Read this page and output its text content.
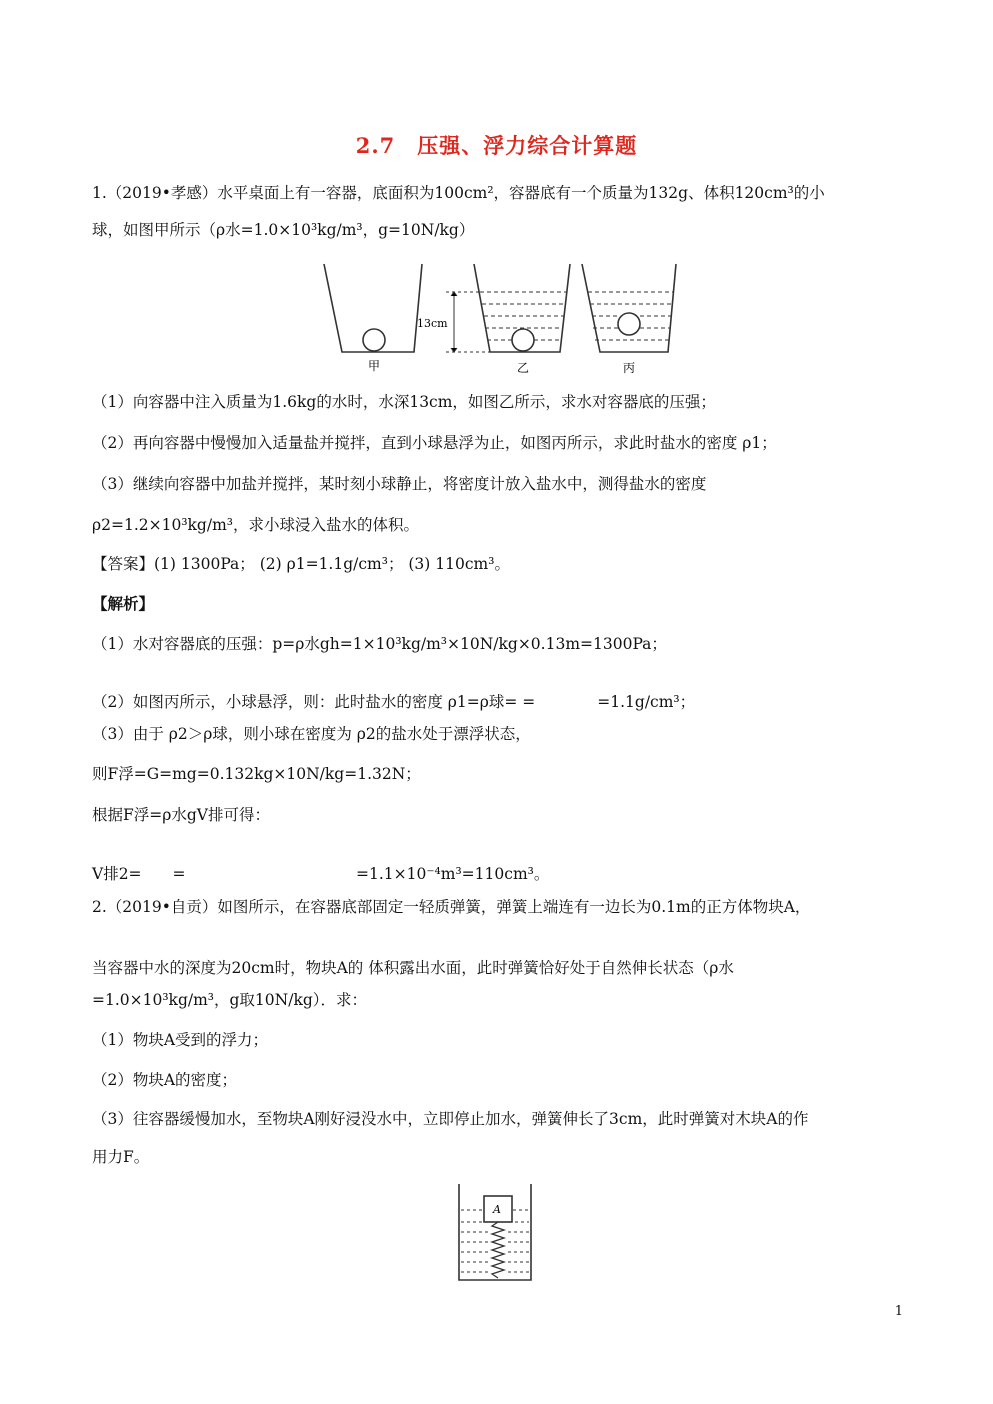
2.7　压强、浮力综合计算题
1.（2019•孝感）水平桌面上有一容器，底面积为100cm²，容器底有一个质量为132g、体积120cm³的小
球，如图甲所示（ρ水=1.0×10³kg/m³，g=10N/kg）
13cm
甲	乙	丙
（1）向容器中注入质量为1.6kg的水时，水深13cm，如图乙所示，求水对容器底的压强；
（2）再向容器中慢慢加入适量盐并搅拌，直到小球悬浮为止，如图丙所示，求此时盐水的密度 ρ1；
（3）继续向容器中加盐并搅拌，某时刻小球静止，将密度计放入盐水中，测得盐水的密度
ρ2=1.2×10³kg/m³，求小球浸入盐水的体积。
【答案】(1) 1300Pa； (2) ρ1=1.1g/cm³； (3) 110cm³。
【解析】
（1）水对容器底的压强：p=ρ水gh=1×10³kg/m³×10N/kg×0.13m=1300Pa；
（2）如图丙所示，小球悬浮，则：此时盐水的密度 ρ1=ρ球= =　　　　=1.1g/cm³；
（3）由于 ρ2＞ρ球，则小球在密度为 ρ2的盐水处于漂浮状态，
则F浮=G=mg=0.132kg×10N/kg=1.32N；
根据F浮=ρ水gV排可得：
V排2=　　=　　　　　　　　　　　=1.1×10⁻⁴m³=110cm³。
2.（2019•自贡）如图所示，在容器底部固定一轻质弹簧，弹簧上端连有一边长为0.1m的正方体物块A，
当容器中水的深度为20cm时，物块A的 体积露出水面，此时弹簧恰好处于自然伸长状态（ρ水
=1.0×10³kg/m³，g取10N/kg）．求：
（1）物块A受到的浮力；
（2）物块A的密度；
（3）往容器缓慢加水，至物块A刚好浸没水中，立即停止加水，弹簧伸长了3cm，此时弹簧对木块A的作
用力F。
A
1
